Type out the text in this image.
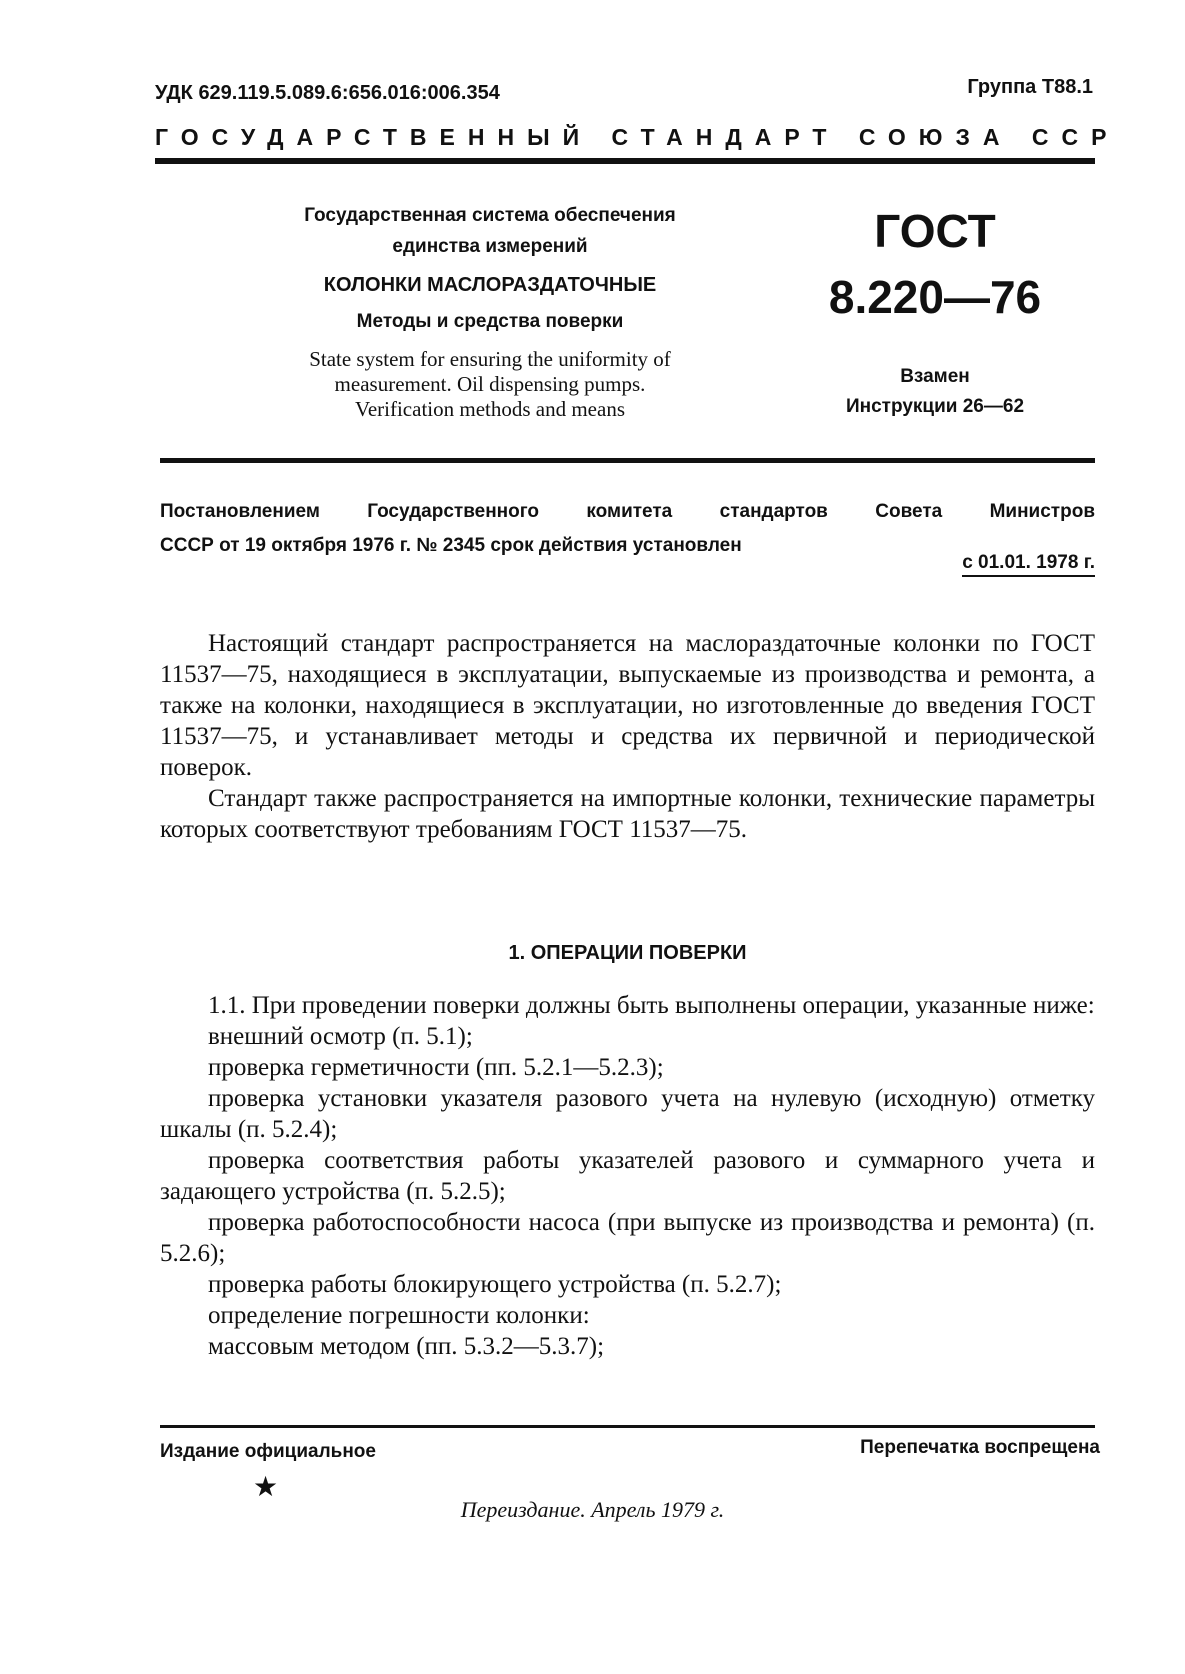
УДК 629.119.5.089.6:656.016:006.354	Группа Т88.1
ГОСУДАРСТВЕННЫЙ СТАНДАРТ СОЮЗА ССР
Государственная система обеспечения
единства измерений
КОЛОНКИ МАСЛОРАЗДАТОЧНЫЕ
Методы и средства поверки
State system for ensuring the uniformity of
measurement. Oil dispensing pumps.
Verification methods and means
ГОСТ
8.220—76
Взамен
Инструкции 26—62
Постановлением Государственного комитета стандартов Совета Министров
СССР от 19 октября 1976 г. № 2345 срок действия установлен
с 01.01. 1978 г.

Настоящий стандарт распространяется на маслораздаточные колонки по ГОСТ 11537—75, находящиеся в эксплуатации, выпускаемые из производства и ремонта, а также на колонки, находящиеся в эксплуатации, но изготовленные до введения ГОСТ 11537—75, и устанавливает методы и средства их первичной и периодической поверок.

Стандарт также распространяется на импортные колонки, технические параметры которых соответствуют требованиям ГОСТ 11537—75.

1. ОПЕРАЦИИ ПОВЕРКИ

1.1. При проведении поверки должны быть выполнены операции, указанные ниже:

внешний осмотр (п. 5.1);

проверка герметичности (пп. 5.2.1—5.2.3);

проверка установки указателя разового учета на нулевую (исходную) отметку шкалы (п. 5.2.4);

проверка соответствия работы указателей разового и суммарного учета и задающего устройства (п. 5.2.5);

проверка работоспособности насоса (при выпуске из производства и ремонта) (п. 5.2.6);

проверка работы блокирующего устройства (п. 5.2.7);

определение погрешности колонки:

массовым методом (пп. 5.3.2—5.3.7);

Издание официальное	Перепечатка воспрещена
★
Переиздание. Апрель 1979 г.
